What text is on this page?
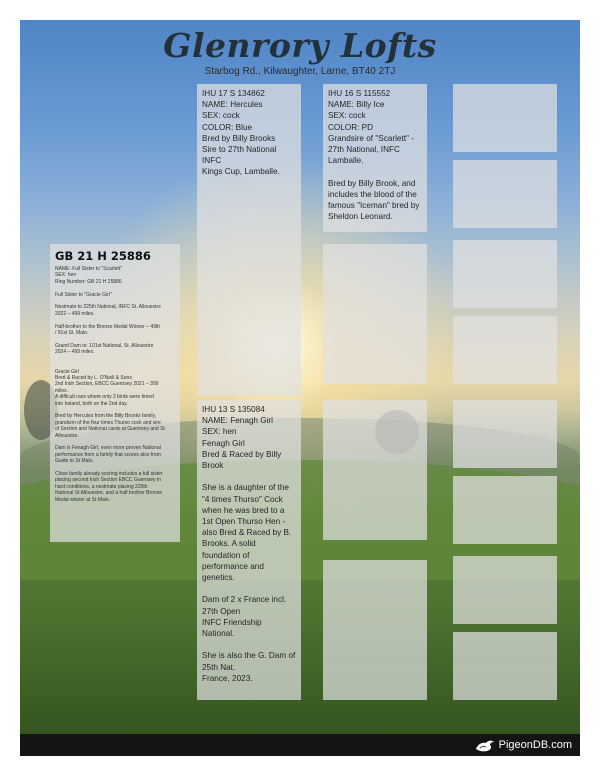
Glenrory Lofts
Starbog Rd., Kilwaughter, Larne, BT40 2TJ
GB 21 H 25886
NAME: Full Sister to "Scarlett"
SEX: hen
Ring Number: GB 21 H 25886

Full Sister to "Gracie Girl"

Nestmate to 225th National, INFC St. Allouestre
2022 – 499 miles.

Half-brother to the Bronze Medal Winner – 49th
/ 91st St. Malo.

Grand Dam to: 101st National, St. Allouestre
2024 – 499 miles.

Gracie Girl
Bred & Raced by L. O'Neill & Sons
2nd Irish Section, EBCC Guernsey 2021 – 399
miles.
A difficult race where only 2 birds were timed
into Ireland, both on the 2nd day.

Bred by Hercules from the Billy Brooks family,
grandson of the four times Thurso cock and sire
of Section and National cards at Guernsey and St
Allouestre.

Dam is Fenagh Girl, even more proven National
performance from a family that scores also from
Guide to St Malo.

Close family already scoring includes a full sister
placing second Irish Section EBCC Guernsey in
hard conditions, a nestmate placing 225th
National St Allouestre, and a half brother Bronze
Medal winner at St Malo.
IHU 17 S 134862
NAME: Hercules
SEX: cock
COLOR: Blue
Bred by Billy Brooks
Sire to 27th National INFC
Kings Cup, Lamballe.
IHU 13 S 135084
NAME: Fenagh Girl
SEX: hen
Fenagh Girl
Bred & Raced by Billy Brook

She is a daughter of the "4 times Thurso" Cock when he was bred to a 1st Open Thurso Hen - also Bred & Raced by B. Brooks. A solid foundation of performance and genetics.

Dam of 2 x France incl. 27th Open
INFC Friendship National.

She is also the G. Dam of 25th Nat.
France, 2023.
IHU 16 S 115552
NAME: Billy Ice
SEX: cock
COLOR: PD
Grandsire of "Scarlett" - 27th National, INFC Lamballe.

Bred by Billy Brook, and includes the blood of the famous "Iceman" bred by Sheldon Leonard.
PigeonDB.com
